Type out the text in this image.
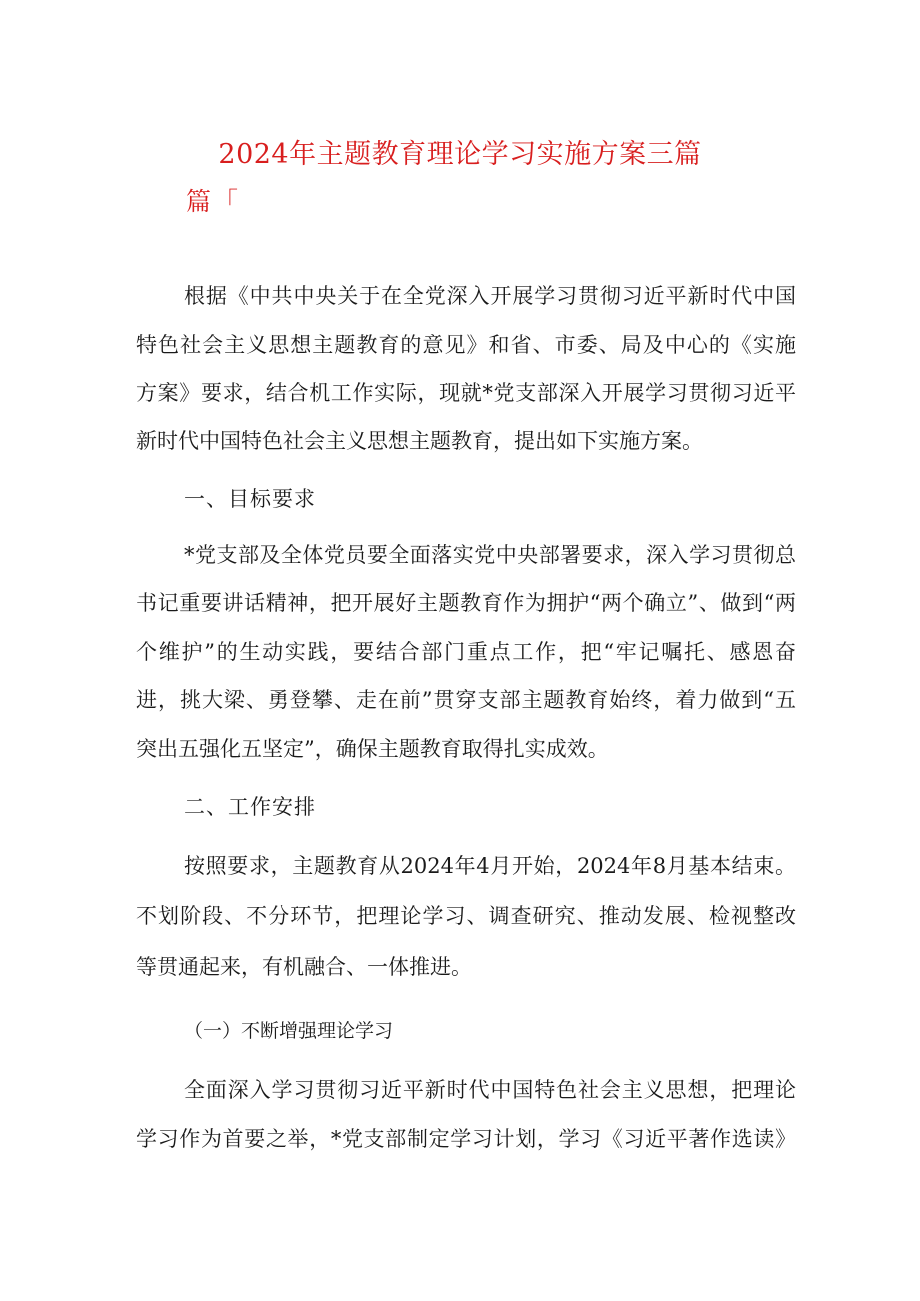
2024年主题教育理论学习实施方案三篇
篇「

根据《中共中央关于在全党深入开展学习贯彻习近平新时代中国

特色社会主义思想主题教育的意见》和省、市委、局及中心的《实施

方案》要求，结合机工作实际，现就*党支部深入开展学习贯彻习近平

新时代中国特色社会主义思想主题教育，提出如下实施方案。

一、目标要求

*党支部及全体党员要全面落实党中央部署要求，深入学习贯彻总

书记重要讲话精神，把开展好主题教育作为拥护“两个确立”、做到“两

个维护”的生动实践，要结合部门重点工作，把“牢记嘱托、感恩奋

进，挑大梁、勇登攀、走在前”贯穿支部主题教育始终，着力做到“五

突出五强化五坚定”，确保主题教育取得扎实成效。

二、工作安排

按照要求，主题教育从2024年4月开始，2024年8月基本结束。

不划阶段、不分环节，把理论学习、调查研究、推动发展、检视整改

等贯通起来，有机融合、一体推进。

（一）不断增强理论学习

全面深入学习贯彻习近平新时代中国特色社会主义思想，把理论

学习作为首要之举，*党支部制定学习计划，学习《习近平著作选读》
